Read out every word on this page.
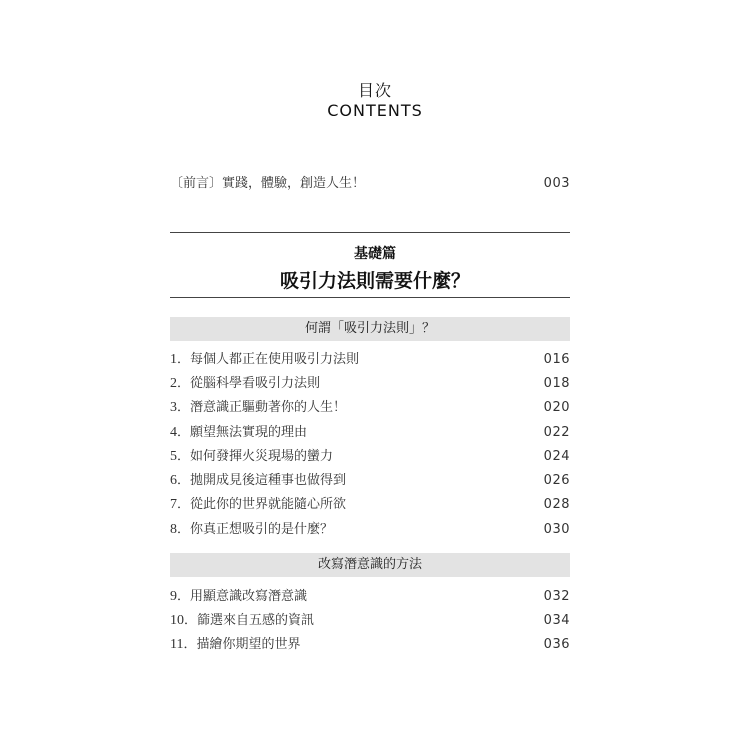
目次
CONTENTS
〔前言〕實踐，體驗，創造人生！	003
基礎篇
吸引力法則需要什麼？
何謂「吸引力法則」？
1．每個人都正在使用吸引力法則	016
2．從腦科學看吸引力法則	018
3．潛意識正驅動著你的人生！	020
4．願望無法實現的理由	022
5．如何發揮火災現場的蠻力	024
6．拋開成見後這種事也做得到	026
7．從此你的世界就能隨心所欲	028
8．你真正想吸引的是什麼？	030
改寫潛意識的方法
9．用顯意識改寫潛意識	032
10．篩選來自五感的資訊	034
11．描繪你期望的世界	036
